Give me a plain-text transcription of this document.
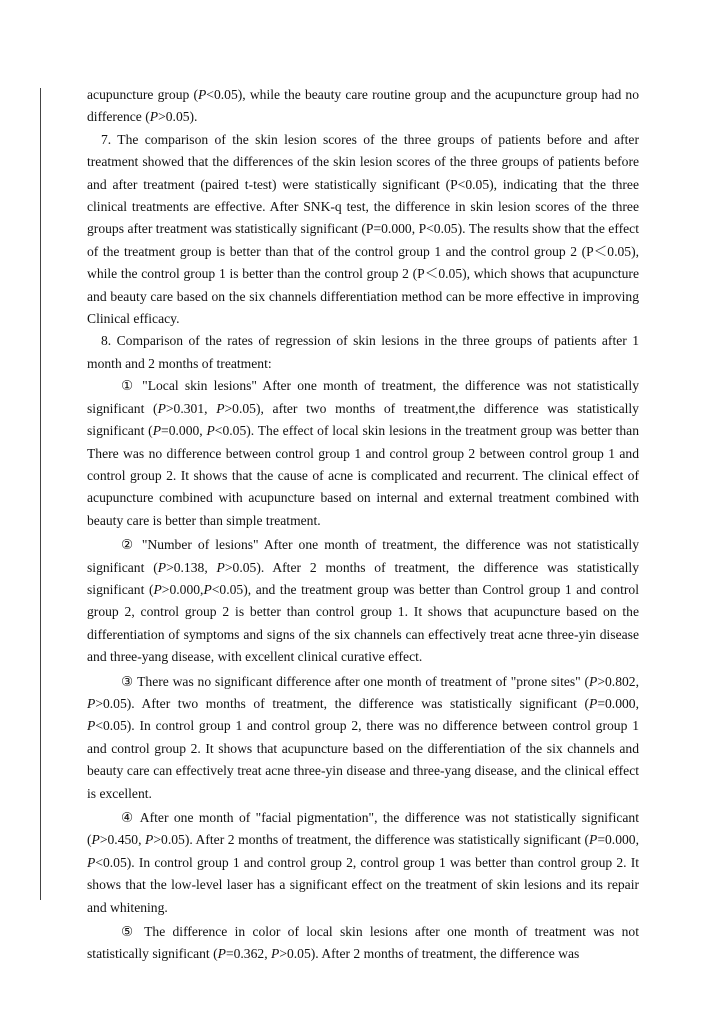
acupuncture group (P<0.05), while the beauty care routine group and the acupuncture group had no difference (P>0.05).

7. The comparison of the skin lesion scores of the three groups of patients before and after treatment showed that the differences of the skin lesion scores of the three groups of patients before and after treatment (paired t-test) were statistically significant (P<0.05), indicating that the three clinical treatments are effective. After SNK-q test, the difference in skin lesion scores of the three groups after treatment was statistically significant (P=0.000, P<0.05). The results show that the effect of the treatment group is better than that of the control group 1 and the control group 2 (P＜0.05), while the control group 1 is better than the control group 2 (P＜0.05), which shows that acupuncture and beauty care based on the six channels differentiation method can be more effective in improving Clinical efficacy.

8. Comparison of the rates of regression of skin lesions in the three groups of patients after 1 month and 2 months of treatment:

① "Local skin lesions" After one month of treatment, the difference was not statistically significant (P>0.301, P>0.05), after two months of treatment,the difference was statistically significant (P=0.000, P<0.05). The effect of local skin lesions in the treatment group was better than There was no difference between control group 1 and control group 2 between control group 1 and control group 2. It shows that the cause of acne is complicated and recurrent. The clinical effect of acupuncture combined with acupuncture based on internal and external treatment combined with beauty care is better than simple treatment.

② "Number of lesions" After one month of treatment, the difference was not statistically significant (P>0.138, P>0.05). After 2 months of treatment, the difference was statistically significant (P>0.000,P<0.05), and the treatment group was better than Control group 1 and control group 2, control group 2 is better than control group 1. It shows that acupuncture based on the differentiation of symptoms and signs of the six channels can effectively treat acne three-yin disease and three-yang disease, with excellent clinical curative effect.

③ There was no significant difference after one month of treatment of "prone sites" (P>0.802, P>0.05). After two months of treatment, the difference was statistically significant (P=0.000, P<0.05). In control group 1 and control group 2, there was no difference between control group 1 and control group 2. It shows that acupuncture based on the differentiation of the six channels and beauty care can effectively treat acne three-yin disease and three-yang disease, and the clinical effect is excellent.

④ After one month of "facial pigmentation", the difference was not statistically significant (P>0.450, P>0.05). After 2 months of treatment, the difference was statistically significant (P=0.000, P<0.05). In control group 1 and control group 2, control group 1 was better than control group 2. It shows that the low-level laser has a significant effect on the treatment of skin lesions and its repair and whitening.

⑤ The difference in color of local skin lesions after one month of treatment was not statistically significant (P=0.362, P>0.05). After 2 months of treatment, the difference was
